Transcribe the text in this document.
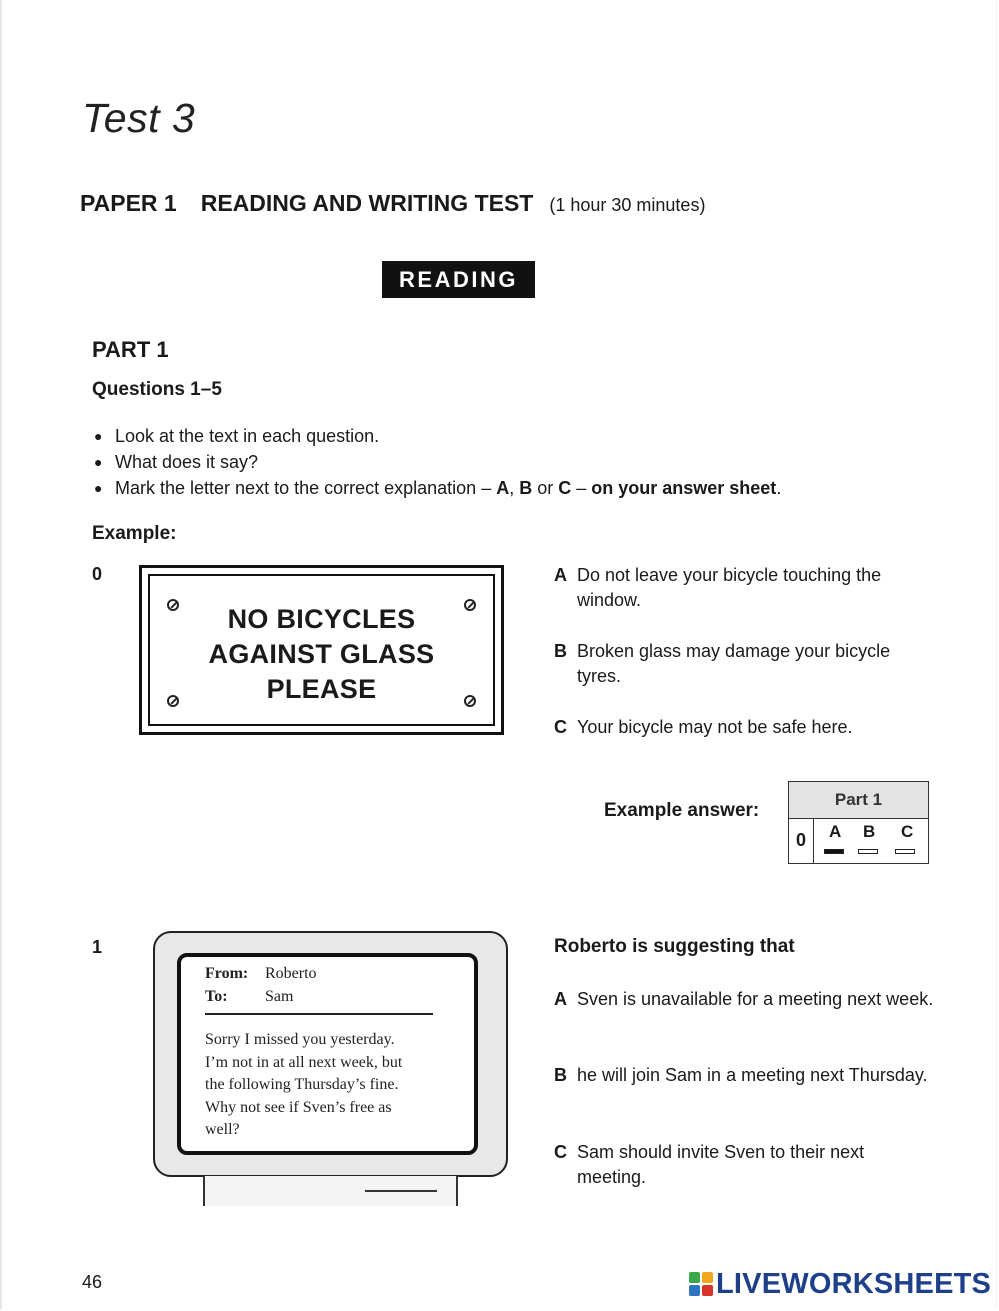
Test 3
PAPER 1 READING AND WRITING TEST (1 hour 30 minutes)
READING
PART 1
Questions 1–5
● Look at the text in each question.
● What does it say?
● Mark the letter next to the correct explanation – A, B or C – on your answer sheet.
Example:
0
NO BICYCLES
AGAINST GLASS
PLEASE
A Do not leave your bicycle touching the window.
B Broken glass may damage your bicycle tyres.
C Your bicycle may not be safe here.
Example answer:
Part 1
0	A B C
1
From: Roberto
To: Sam
Sorry I missed you yesterday.
I’m not in at all next week, but
the following Thursday’s fine.
Why not see if Sven’s free as
well?
Roberto is suggesting that
A Sven is unavailable for a meeting next week.
B he will join Sam in a meeting next Thursday.
C Sam should invite Sven to their next meeting.
46	LIVEWORKSHEETS
